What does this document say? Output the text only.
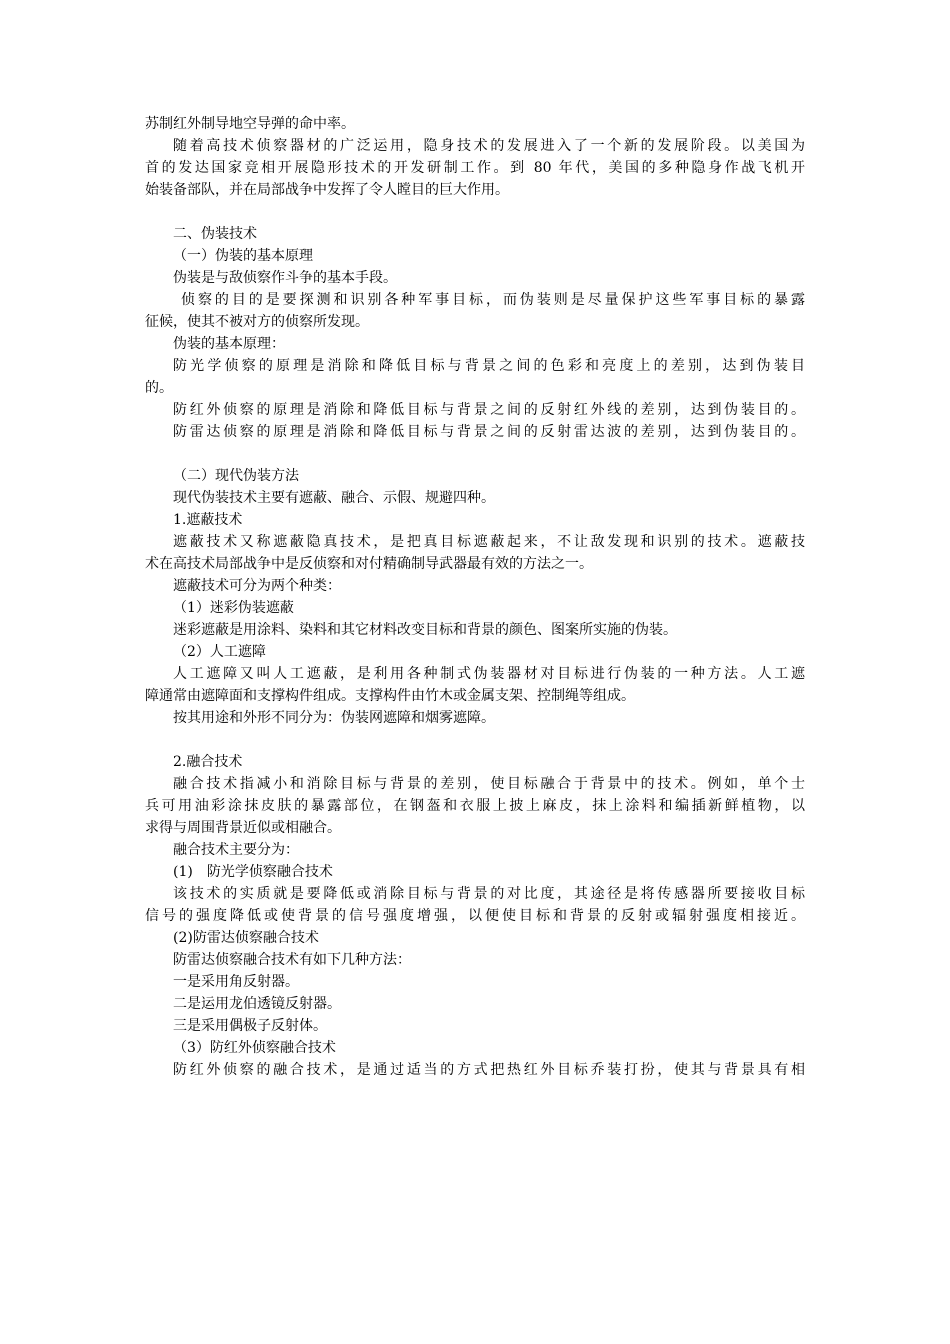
苏制红外制导地空导弹的命中率。

随着高技术侦察器材的广泛运用，隐身技术的发展进入了一个新的发展阶段。以美国为

首的发达国家竞相开展隐形技术的开发研制工作。到 80 年代，美国的多种隐身作战飞机开

始装备部队，并在局部战争中发挥了令人瞠目的巨大作用。

二、伪装技术

（一）伪装的基本原理

伪装是与敌侦察作斗争的基本手段。

侦察的目的是要探测和识别各种军事目标，而伪装则是尽量保护这些军事目标的暴露

征候，使其不被对方的侦察所发现。

伪装的基本原理：

防光学侦察的原理是消除和降低目标与背景之间的色彩和亮度上的差别，达到伪装目

的。

防红外侦察的原理是消除和降低目标与背景之间的反射红外线的差别，达到伪装目的。

防雷达侦察的原理是消除和降低目标与背景之间的反射雷达波的差别，达到伪装目的。

（二）现代伪装方法

现代伪装技术主要有遮蔽、融合、示假、规避四种。

1.遮蔽技术

遮蔽技术又称遮蔽隐真技术，是把真目标遮蔽起来，不让敌发现和识别的技术。遮蔽技

术在高技术局部战争中是反侦察和对付精确制导武器最有效的方法之一。

遮蔽技术可分为两个种类：

（1）迷彩伪装遮蔽

迷彩遮蔽是用涂料、染料和其它材料改变目标和背景的颜色、图案所实施的伪装。

（2）人工遮障

人工遮障又叫人工遮蔽，是利用各种制式伪装器材对目标进行伪装的一种方法。人工遮

障通常由遮障面和支撑构件组成。支撑构件由竹木或金属支架、控制绳等组成。

按其用途和外形不同分为：伪装网遮障和烟雾遮障。

2.融合技术

融合技术指减小和消除目标与背景的差别，使目标融合于背景中的技术。例如，单个士

兵可用油彩涂抹皮肤的暴露部位，在钢盔和衣服上披上麻皮，抹上涂料和编插新鲜植物，以

求得与周围背景近似或相融合。

融合技术主要分为：

(1)　防光学侦察融合技术

该技术的实质就是要降低或消除目标与背景的对比度，其途径是将传感器所要接收目标

信号的强度降低或使背景的信号强度增强，以便使目标和背景的反射或辐射强度相接近。

(2)防雷达侦察融合技术

防雷达侦察融合技术有如下几种方法：

一是采用角反射器。

二是运用龙伯透镜反射器。

三是采用偶极子反射体。

（3）防红外侦察融合技术

防红外侦察的融合技术，是通过适当的方式把热红外目标乔装打扮，使其与背景具有相
